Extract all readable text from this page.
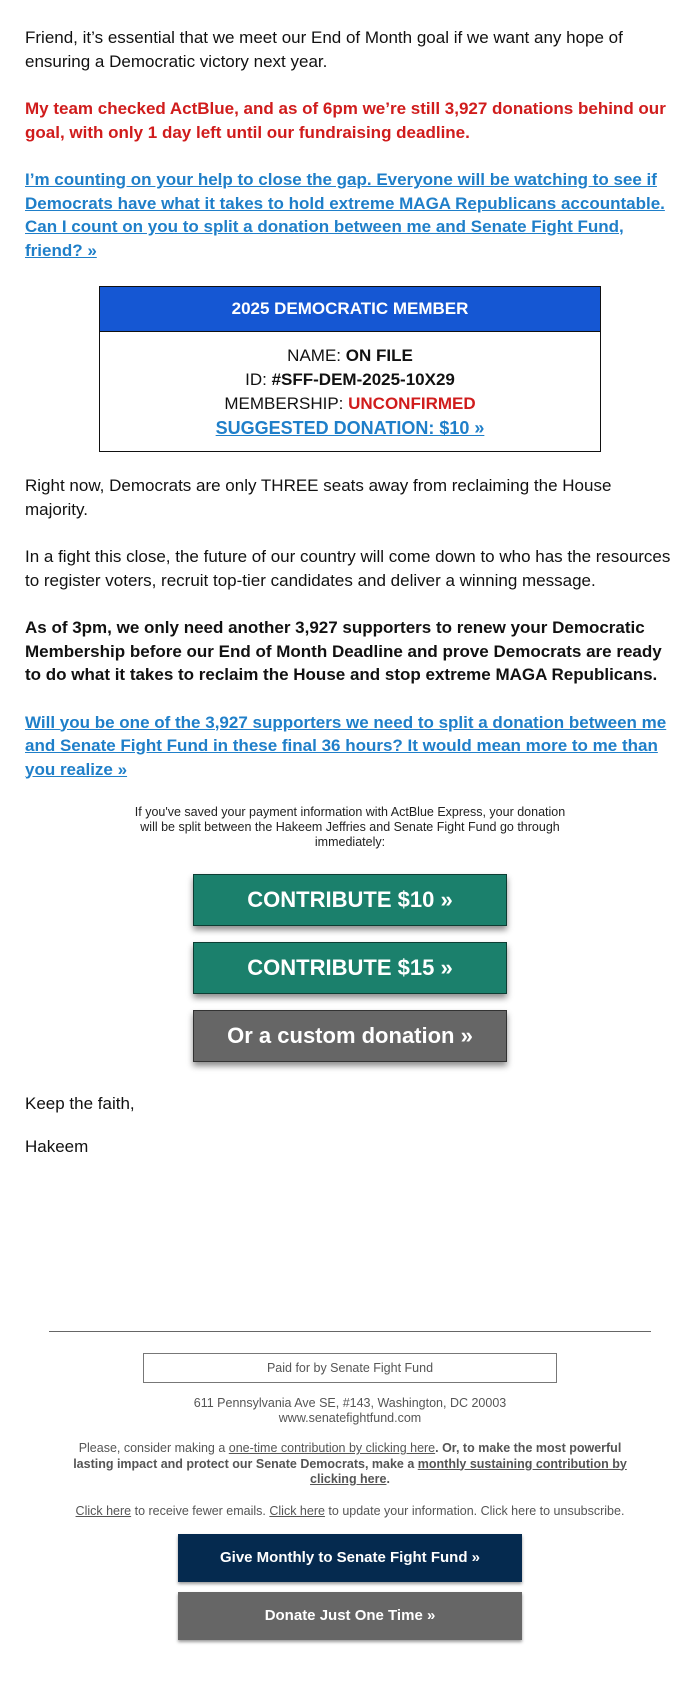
Friend, it’s essential that we meet our End of Month goal if we want any hope of ensuring a Democratic victory next year.

My team checked ActBlue, and as of 6pm we’re still 3,927 donations behind our goal, with only 1 day left until our fundraising deadline.

I’m counting on your help to close the gap. Everyone will be watching to see if Democrats have what it takes to hold extreme MAGA Republicans accountable. Can I count on you to split a donation between me and Senate Fight Fund, friend? »

2025 DEMOCRATIC MEMBER
NAME: ON FILE
ID: #SFF-DEM-2025-10X29
MEMBERSHIP: UNCONFIRMED
SUGGESTED DONATION: $10 »

Right now, Democrats are only THREE seats away from reclaiming the House majority.

In a fight this close, the future of our country will come down to who has the resources to register voters, recruit top-tier candidates and deliver a winning message.

As of 3pm, we only need another 3,927 supporters to renew your Democratic Membership before our End of Month Deadline and prove Democrats are ready to do what it takes to reclaim the House and stop extreme MAGA Republicans.

Will you be one of the 3,927 supporters we need to split a donation between me and Senate Fight Fund in these final 36 hours? It would mean more to me than you realize »

If you've saved your payment information with ActBlue Express, your donation will be split between the Hakeem Jeffries and Senate Fight Fund go through immediately:
CONTRIBUTE $10 »
CONTRIBUTE $15 »
Or a custom donation »

Keep the faith,

Hakeem

Paid for by Senate Fight Fund
611 Pennsylvania Ave SE, #143, Washington, DC 20003
www.senatefightfund.com
Please, consider making a one-time contribution by clicking here. Or, to make the most powerful lasting impact and protect our Senate Democrats, make a monthly sustaining contribution by clicking here.
Click here to receive fewer emails. Click here to update your information. Click here to unsubscribe.
Give Monthly to Senate Fight Fund »
Donate Just One Time »
